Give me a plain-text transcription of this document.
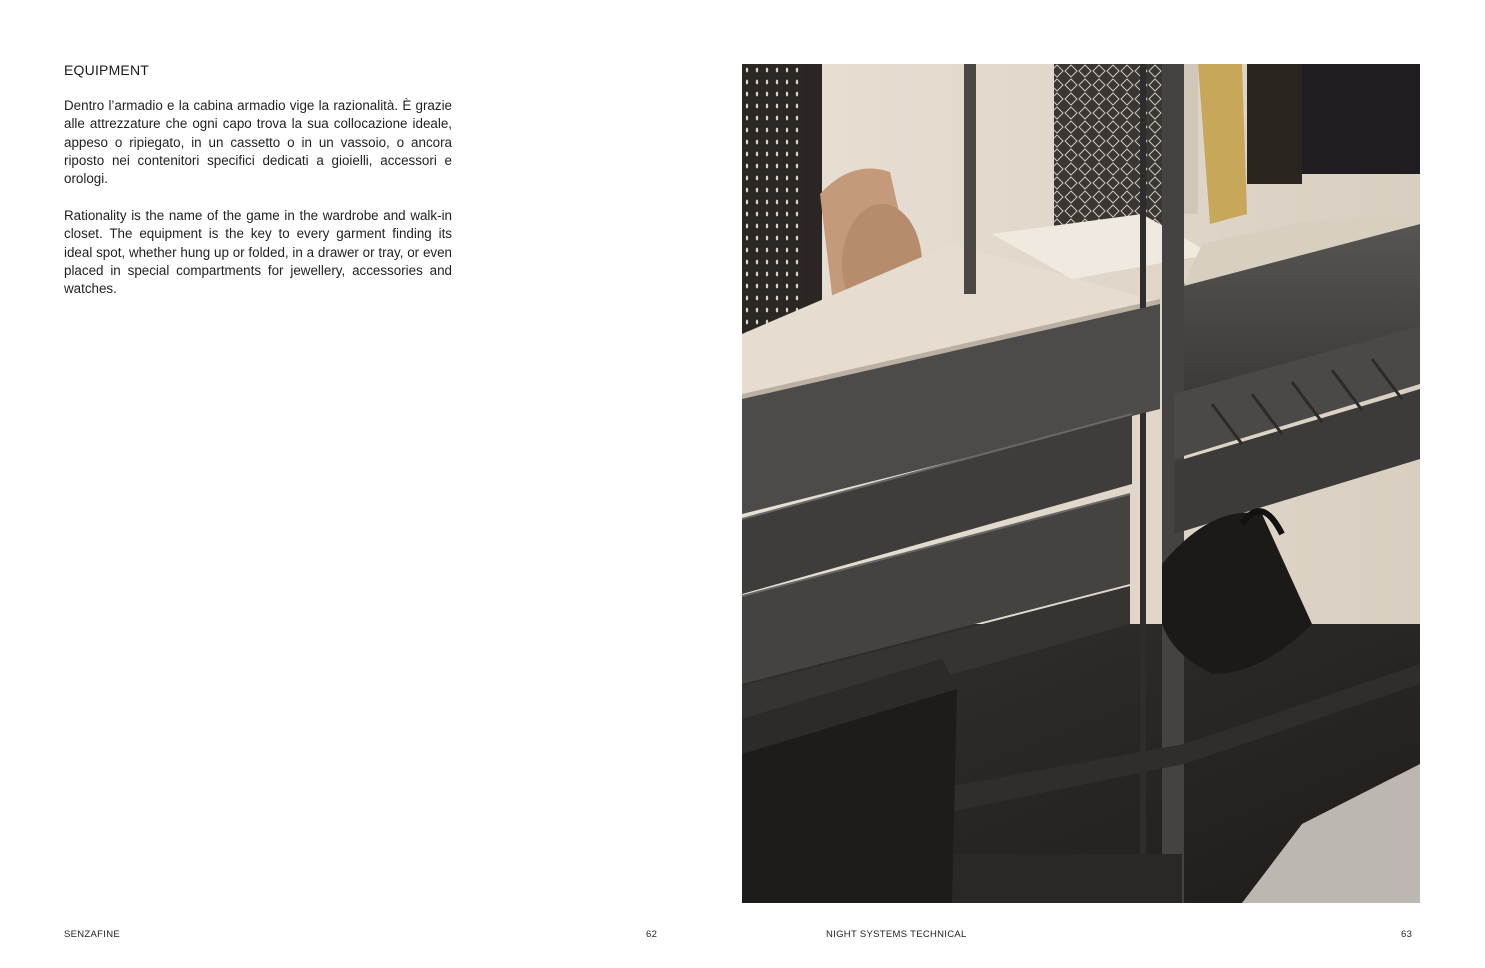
EQUIPMENT

Dentro l’armadio e la cabina armadio vige la razionalità. È grazie alle attrezzature che ogni capo trova la sua collocazione ideale, appeso o ripiegato, in un cassetto o in un vassoio, o ancora riposto nei contenitori specifici dedicati a gioielli, accessori e orologi.

Rationality is the name of the game in the wardrobe and walk-in closet. The equipment is the key to every garment finding its ideal spot, whether hung up or folded, in a drawer or tray, or even placed in special compartments for jewellery, accessories and watches.

SENZAFINE	62	NIGHT SYSTEMS TECHNICAL	63
